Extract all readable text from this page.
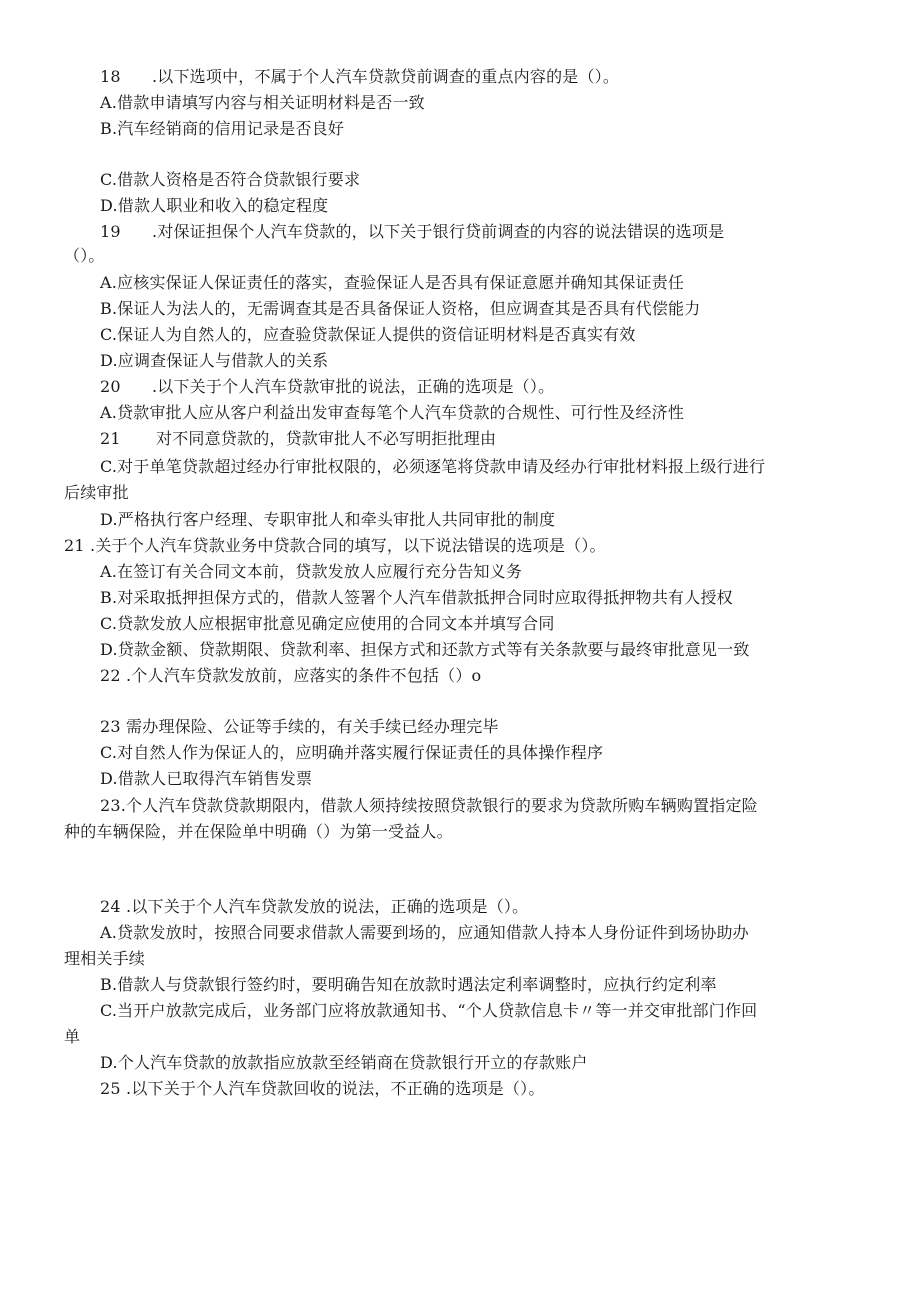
18 .以下选项中，不属于个人汽车贷款贷前调查的重点内容的是（）。
A.借款申请填写内容与相关证明材料是否一致
B.汽车经销商的信用记录是否良好
C.借款人资格是否符合贷款银行要求
D.借款人职业和收入的稳定程度
19 .对保证担保个人汽车贷款的，以下关于银行贷前调查的内容的说法错误的选项是
（）。
A.应核实保证人保证责任的落实，查验保证人是否具有保证意愿并确知其保证责任
B.保证人为法人的，无需调查其是否具备保证人资格，但应调查其是否具有代偿能力
C.保证人为自然人的，应查验贷款保证人提供的资信证明材料是否真实有效
D.应调查保证人与借款人的关系
20 .以下关于个人汽车贷款审批的说法，正确的选项是（）。
A.贷款审批人应从客户利益出发审查每笔个人汽车贷款的合规性、可行性及经济性
21 对不同意贷款的，贷款审批人不必写明拒批理由
C.对于单笔贷款超过经办行审批权限的，必须逐笔将贷款申请及经办行审批材料报上级行进行
后续审批
D.严格执行客户经理、专职审批人和牵头审批人共同审批的制度
21 .关于个人汽车贷款业务中贷款合同的填写，以下说法错误的选项是（）。
A.在签订有关合同文本前，贷款发放人应履行充分告知义务
B.对采取抵押担保方式的，借款人签署个人汽车借款抵押合同时应取得抵押物共有人授权
C.贷款发放人应根据审批意见确定应使用的合同文本并填写合同
D.贷款金额、贷款期限、贷款利率、担保方式和还款方式等有关条款要与最终审批意见一致
22 .个人汽车贷款发放前，应落实的条件不包括（）o
23 需办理保险、公证等手续的，有关手续已经办理完毕
C.对自然人作为保证人的，应明确并落实履行保证责任的具体操作程序
D.借款人已取得汽车销售发票
23.个人汽车贷款贷款期限内，借款人须持续按照贷款银行的要求为贷款所购车辆购置指定险
种的车辆保险，并在保险单中明确（）为第一受益人。
24 .以下关于个人汽车贷款发放的说法，正确的选项是（）。
A.贷款发放时，按照合同要求借款人需要到场的，应通知借款人持本人身份证件到场协助办
理相关手续
B.借款人与贷款银行签约时，要明确告知在放款时遇法定利率调整时，应执行约定利率
C.当开户放款完成后，业务部门应将放款通知书、“个人贷款信息卡〃等一并交审批部门作回
单
D.个人汽车贷款的放款指应放款至经销商在贷款银行开立的存款账户
25 .以下关于个人汽车贷款回收的说法，不正确的选项是（）。
